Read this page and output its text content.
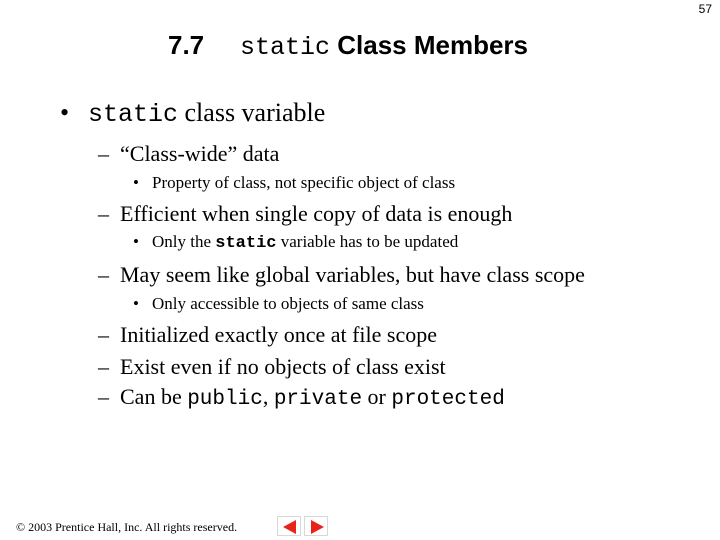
57
7.7 static Class Members
• static class variable
– “Class-wide” data
• Property of class, not specific object of class
– Efficient when single copy of data is enough
• Only the static variable has to be updated
– May seem like global variables, but have class scope
• Only accessible to objects of same class
– Initialized exactly once at file scope
– Exist even if no objects of class exist
– Can be public, private or protected
© 2003 Prentice Hall, Inc. All rights reserved.
